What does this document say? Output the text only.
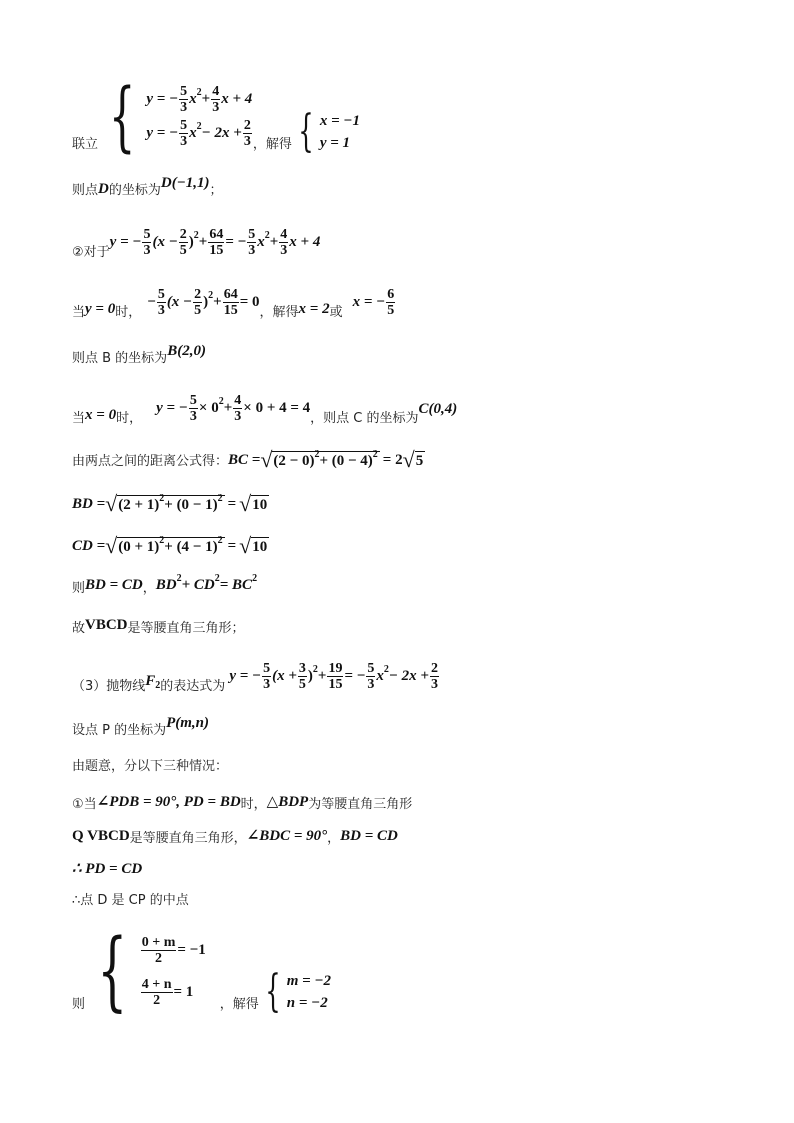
联立 { y = − $\frac{5}{3}$ x $2 + \frac{4}{3}$ x + 4
y = − $\frac{5}{3}$ x $2 - 2x + \frac{2}{3}$ ，解得 { x = −1
y = 1
则点 D 的坐标为 D(−1,1) ；
②对于
y = − $\frac{5}{3} (x - \frac{2}{5}$ ) $2 + \frac{64}{15}$ = − $\frac{5}{3}$ x $2 + \frac{4}{3}$ x + 4
当 y = 0 时，
− $\frac{5}{3} (x - \frac{2}{5}$ ) $2 + \frac{64}{15} = 0$
，解得 x = 2 或
x = − $\frac{6}{5}$
则点 B 的坐标为 B(2,0)
当 x = 0 时，
y = − $\frac{5}{3} \times 0$ $2 + \frac{4}{3} \times 0 + 4 = 4$
，则点 C 的坐标为
C(0,4)
由两点之间的距离公式得： BC = √ (2 − 0) 2 + (0 − 4) 2 = 2 √ 5
BD = √ (2 + 1) 2 + (0 − 1) 2 = √ 10
CD = √ (0 + 1) 2 + (4 − 1) 2 = √ 10
则 BD = CD ， BD 2 + CD 2 = BC 2
故 VBCD 是等腰直角三角形；
（3）抛物线 F 2 的表达式为
y = − $\frac{5}{3} (x + \frac{3}{5}$ ) $2 + \frac{19}{15}$ = − $\frac{5}{3}$ x $2 - 2x + \frac{2}{3}$
设点 P 的坐标为 P(m,n)
由题意，分以下三种情况：
①当 ∠PDB = 90°, PD = BD 时， △BDP 为等腰直角三角形
Q VBCD 是等腰直角三角形， ∠BDC = 90° ， BD = CD
∴ PD = CD
∴点 D 是 CP 的中点
则 { $\frac{0 + m}{2} = -1$
$\frac{4 + n}{2} = 1$
，解得 { m = −2
n = −2
